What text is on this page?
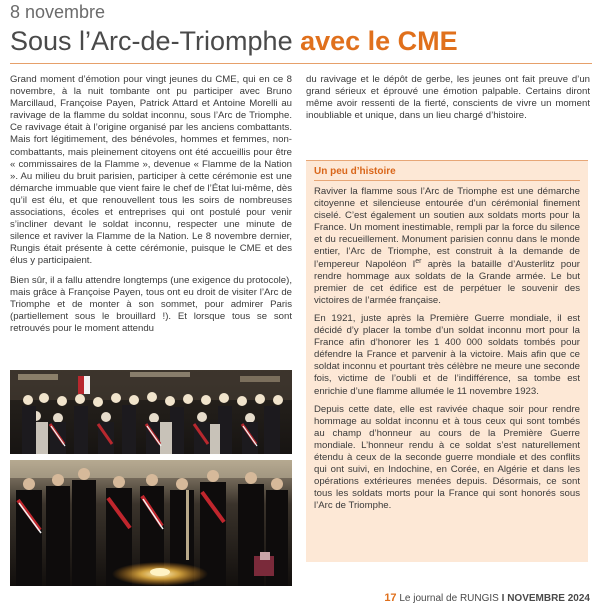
8 novembre
Sous l’Arc-de-Triomphe avec le CME

Grand moment d’émotion pour vingt jeunes du CME, qui en ce 8 novembre, à la nuit tombante ont pu participer avec Bruno Marcillaud, Françoise Payen, Patrick Attard et Antoine Morelli au ravivage de la flamme du soldat inconnu, sous l’Arc de Triomphe. Ce ravivage était à l’origine organisé par les anciens combattants. Mais fort légitimement, des bénévoles, hommes et femmes, non-combattants, mais pleinement citoyens ont été accueillis pour être « commissaires de la Flamme », devenue « Flamme de la Nation ». Au milieu du bruit parisien, participer à cette cérémonie est une démarche immuable que vient faire le chef de l’État lui-même, dès qu’il est élu, et que renouvellent tous les soirs de nombreuses associations, écoles et entreprises qui ont postulé pour venir s’incliner devant le soldat inconnu, respecter une minute de silence et raviver la Flamme de la Nation. Le 8 novembre dernier, Rungis était présente à cette cérémonie, puisque le CME et des élus y participaient.

Bien sûr, il a fallu attendre longtemps (une exigence du protocole), mais grâce à Françoise Payen, tous ont eu droit de visiter l’Arc de Triomphe et de monter à son sommet, pour admirer Paris (partiellement sous le brouillard !). Et lorsque tous se sont retrouvés pour le moment attendu

du ravivage et le dépôt de gerbe, les jeunes ont fait preuve d’un grand sérieux et éprouvé une émotion palpable. Certains diront même avoir ressenti de la fierté, conscients de vivre un moment inoubliable et unique, dans un lieu chargé d’histoire.

Un peu d’histoire

Raviver la flamme sous l’Arc de Triomphe est une démarche citoyenne et silencieuse entourée d’un cérémonial finement ciselé. C’est également un soutien aux soldats morts pour la France. Un moment inestimable, rempli par la force du silence et du recueillement. Monument parisien connu dans le monde entier, l’Arc de Triomphe, est construit à la demande de l’empereur Napoléon Ier après la bataille d’Austerlitz pour rendre hommage aux soldats de la Grande armée. Le but premier de cet édifice est de perpétuer le souvenir des victoires de l’armée française.

En 1921, juste après la Première Guerre mondiale, il est décidé d’y placer la tombe d’un soldat inconnu mort pour la France afin d’honorer les 1 400 000 soldats tombés pour défendre la France et parvenir à la victoire. Mais afin que ce soldat inconnu et pourtant très célèbre ne meure une seconde fois, victime de l’oubli et de l’indifférence, sa tombe est enrichie d’une flamme allumée le 11 novembre 1923.

Depuis cette date, elle est ravivée chaque soir pour rendre hommage au soldat inconnu et à tous ceux qui sont tombés au champ d’honneur au cours de la Première Guerre mondiale. L’honneur rendu à ce soldat s’est naturellement étendu à ceux de la seconde guerre mondiale et des conflits qui ont suivi, en Indochine, en Corée, en Algérie et dans les opérations extérieures menées depuis. Désormais, ce sont tous les soldats morts pour la France qui sont honorés sous l’Arc de Triomphe.

17 Le journal de RUNGIS I NOVEMBRE 2024
